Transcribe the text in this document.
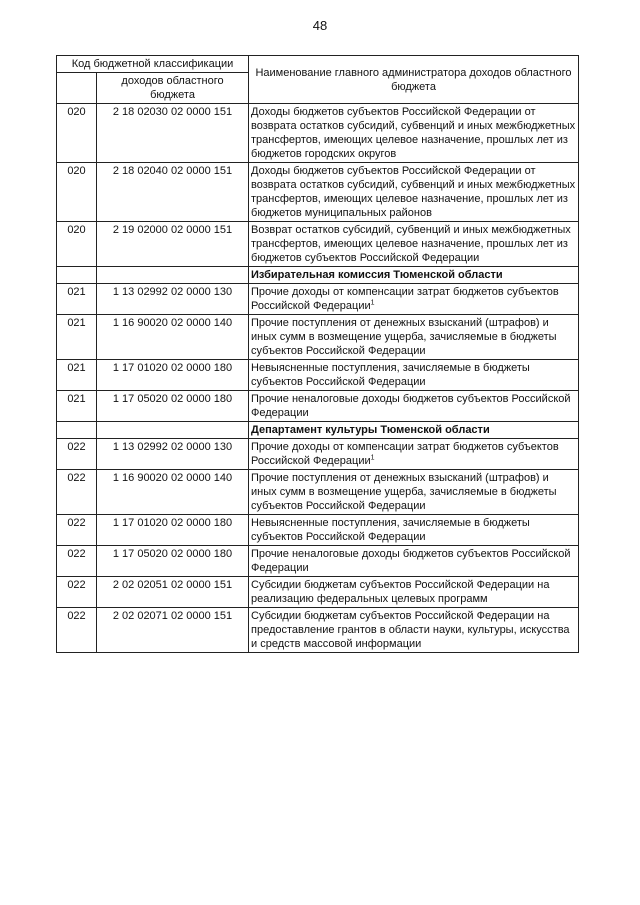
48
Код бюджетной классификации		Наименование главного администратора доходов областного бюджета
	доходов областного бюджета	
020	2 18 02030 02 0000 151	Доходы бюджетов субъектов Российской Федерации от возврата остатков субсидий, субвенций и иных межбюджетных трансфертов, имеющих целевое назначение, прошлых лет из бюджетов городских округов
020	2 18 02040 02 0000 151	Доходы бюджетов субъектов Российской Федерации от возврата остатков субсидий, субвенций и иных межбюджетных трансфертов, имеющих целевое назначение, прошлых лет из бюджетов муниципальных районов
020	2 19 02000 02 0000 151	Возврат остатков субсидий, субвенций и иных межбюджетных трансфертов, имеющих целевое назначение, прошлых лет из бюджетов субъектов Российской Федерации
		Избирательная комиссия Тюменской области
021	1 13 02992 02 0000 130	Прочие доходы от компенсации затрат бюджетов субъектов Российской Федерации$^1$
021	1 16 90020 02 0000 140	Прочие поступления от денежных взысканий (штрафов) и иных сумм в возмещение ущерба, зачисляемые в бюджеты субъектов Российской Федерации
021	1 17 01020 02 0000 180	Невыясненные поступления, зачисляемые в бюджеты субъектов Российской Федерации
021	1 17 05020 02 0000 180	Прочие неналоговые доходы бюджетов субъектов Российской Федерации
		Департамент культуры Тюменской области
022	1 13 02992 02 0000 130	Прочие доходы от компенсации затрат бюджетов субъектов Российской Федерации$^1$
022	1 16 90020 02 0000 140	Прочие поступления от денежных взысканий (штрафов) и иных сумм в возмещение ущерба, зачисляемые в бюджеты субъектов Российской Федерации
022	1 17 01020 02 0000 180	Невыясненные поступления, зачисляемые в бюджеты субъектов Российской Федерации
022	1 17 05020 02 0000 180	Прочие неналоговые доходы бюджетов субъектов Российской Федерации
022	2 02 02051 02 0000 151	Субсидии бюджетам субъектов Российской Федерации на реализацию федеральных целевых программ
022	2 02 02071 02 0000 151	Субсидии бюджетам субъектов Российской Федерации на предоставление грантов в области науки, культуры, искусства и средств массовой информации
